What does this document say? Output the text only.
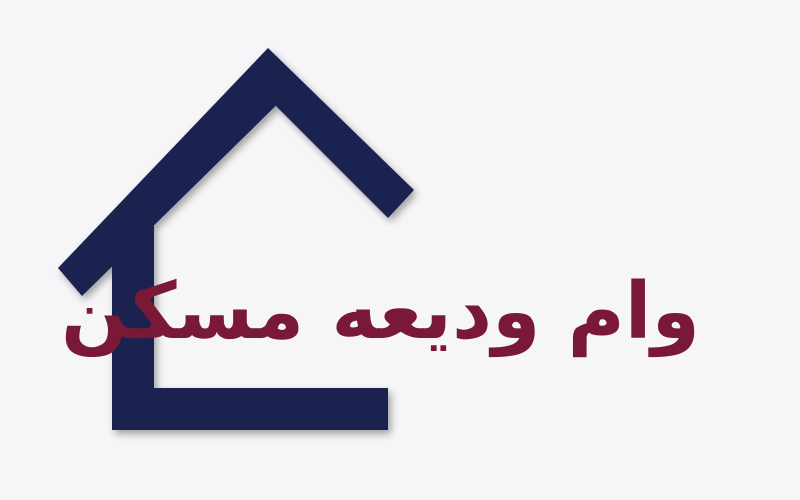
وام ودیعه مسکن
